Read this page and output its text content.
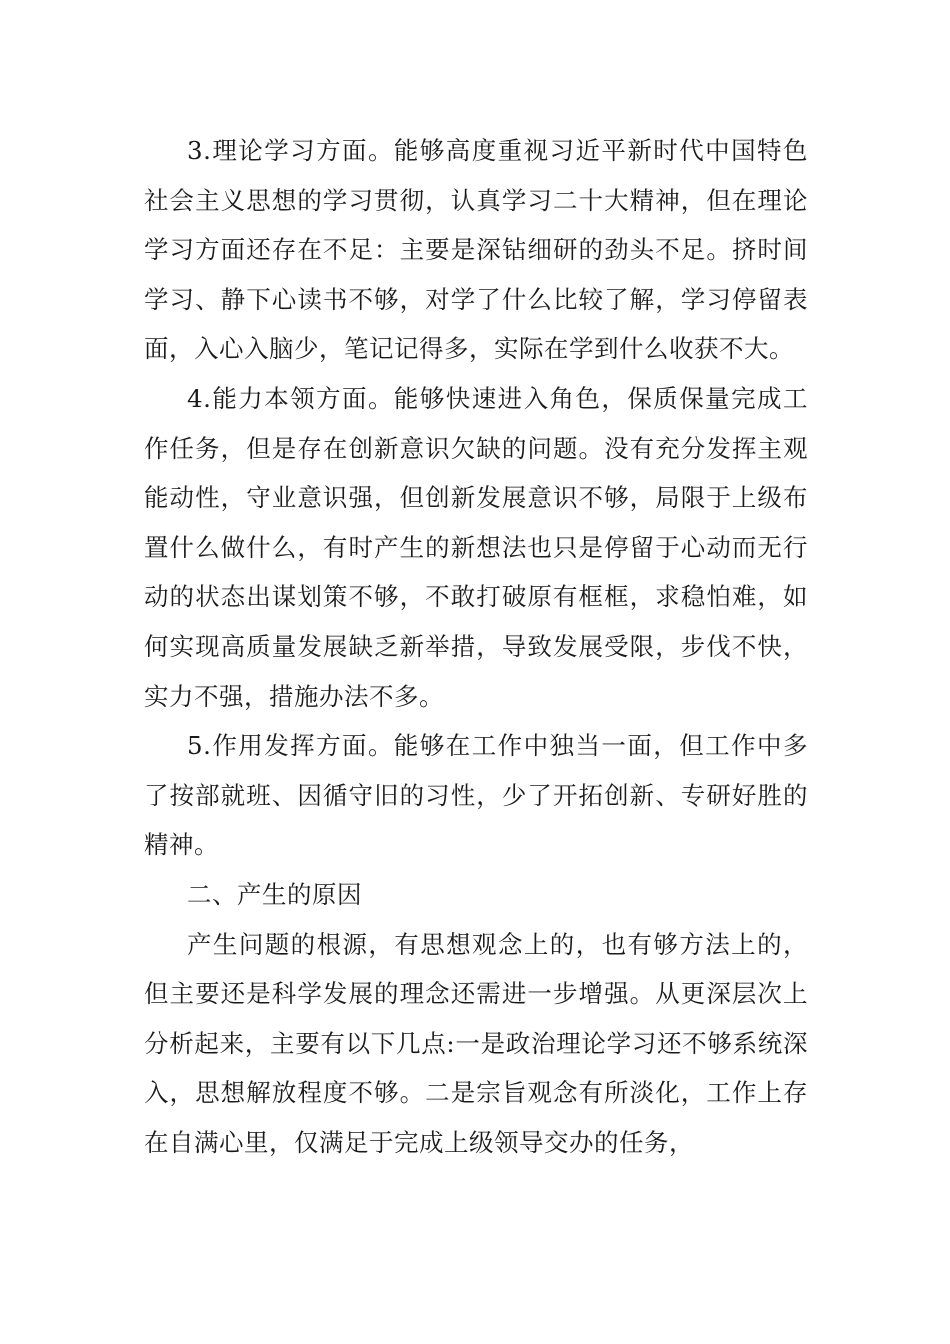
3.理论学习方面。能够高度重视习近平新时代中国特色社会主义思想的学习贯彻，认真学习二十大精神，但在理论学习方面还存在不足：主要是深钻细研的劲头不足。挤时间学习、静下心读书不够，对学了什么比较了解，学习停留表面，入心入脑少，笔记记得多，实际在学到什么收获不大。

4.能力本领方面。能够快速进入角色，保质保量完成工作任务，但是存在创新意识欠缺的问题。没有充分发挥主观能动性，守业意识强，但创新发展意识不够，局限于上级布置什么做什么，有时产生的新想法也只是停留于心动而无行动的状态出谋划策不够，不敢打破原有框框，求稳怕难，如何实现高质量发展缺乏新举措，导致发展受限，步伐不快，实力不强，措施办法不多。

5.作用发挥方面。能够在工作中独当一面，但工作中多了按部就班、因循守旧的习性，少了开拓创新、专研好胜的精神。

二、产生的原因

产生问题的根源，有思想观念上的，也有够方法上的，但主要还是科学发展的理念还需进一步增强。从更深层次上分析起来，主要有以下几点:一是政治理论学习还不够系统深入，思想解放程度不够。二是宗旨观念有所淡化，工作上存在自满心里，仅满足于完成上级领导交办的任务，
